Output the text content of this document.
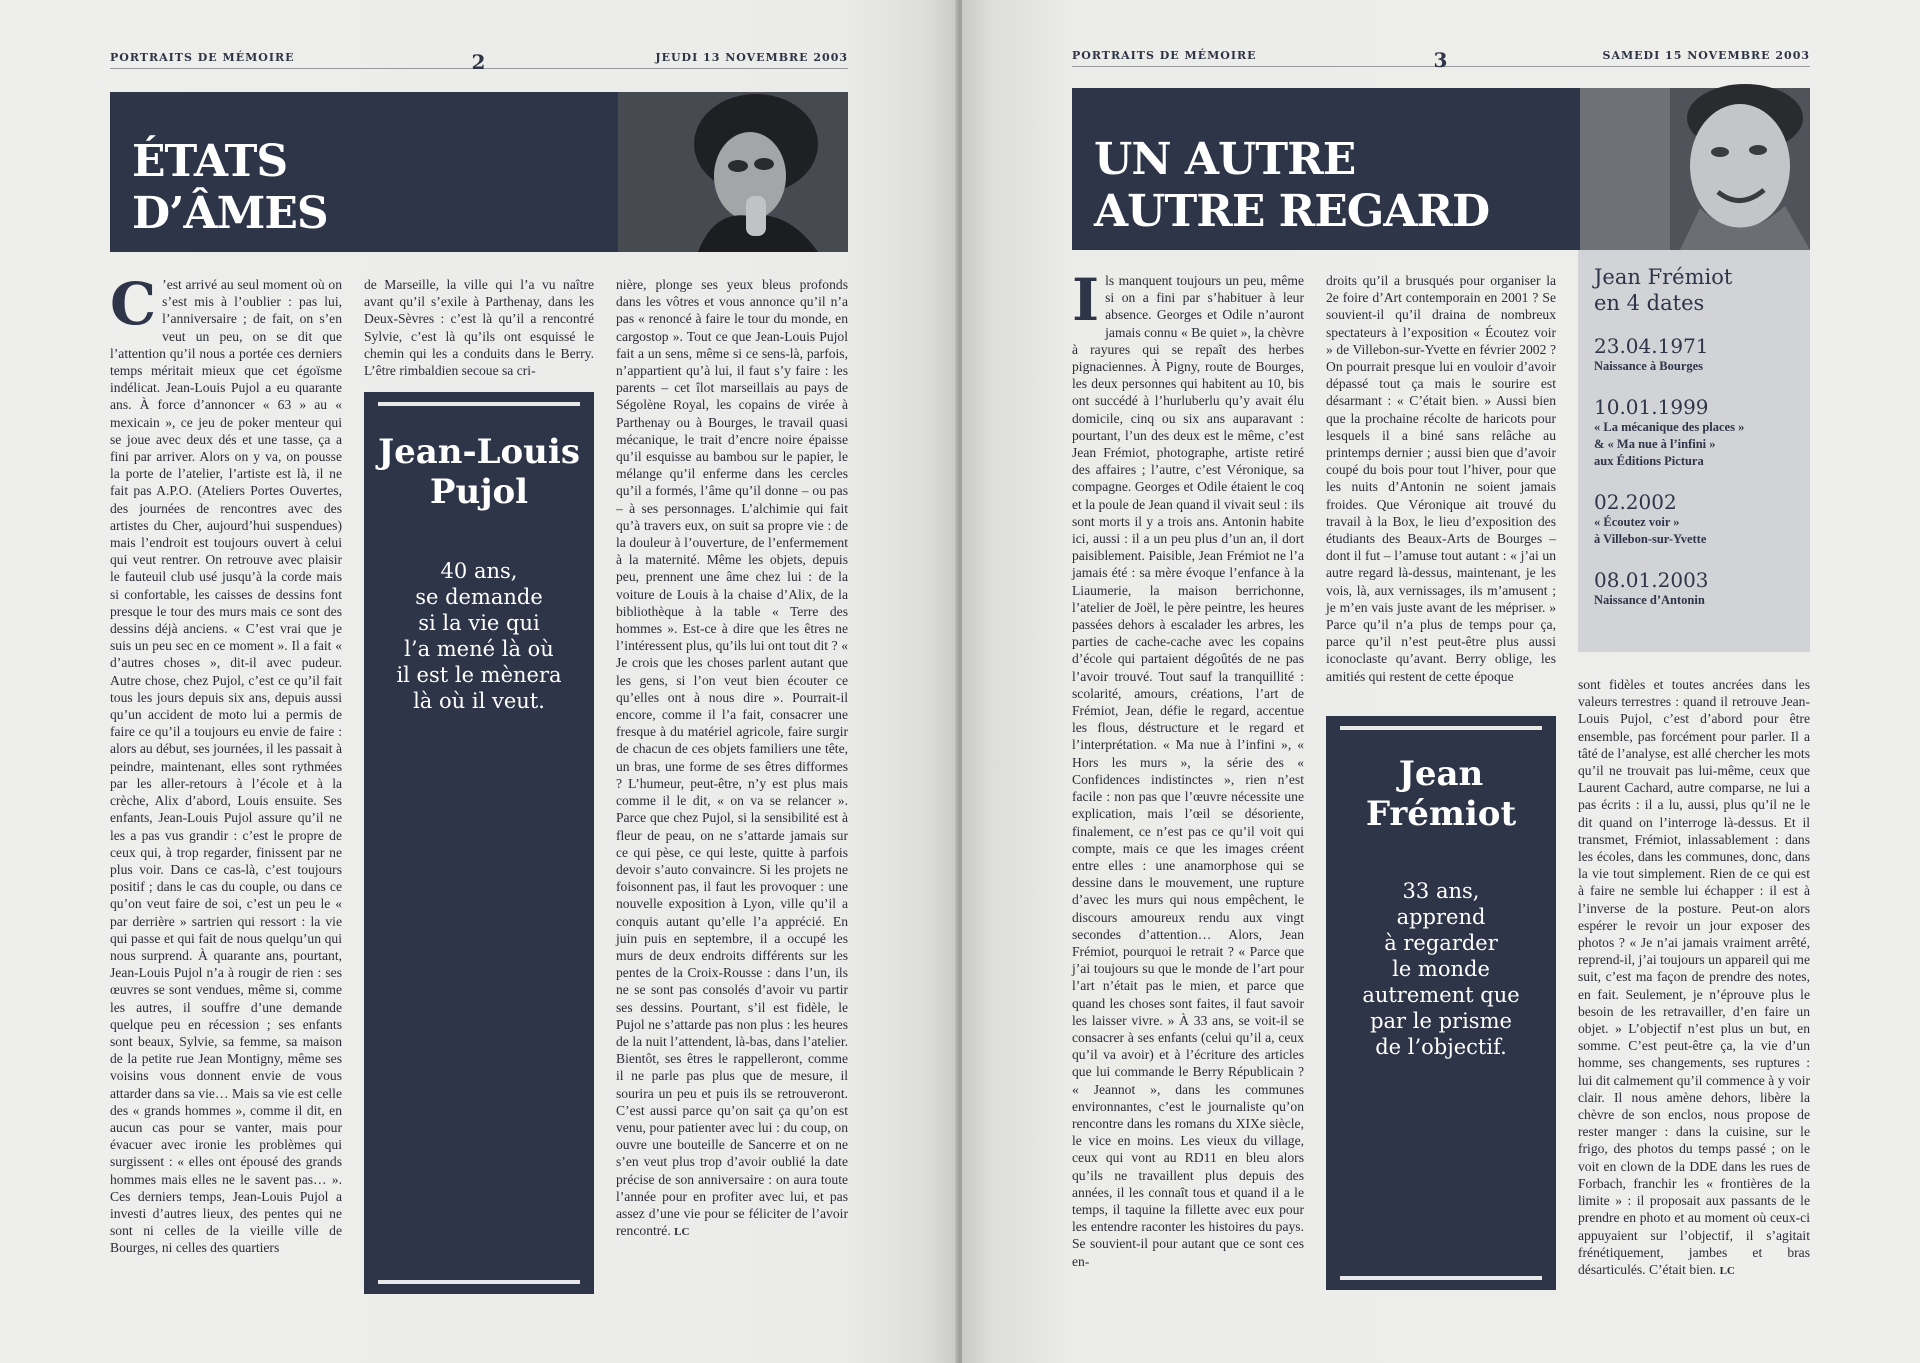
PORTRAITS DE MÉMOIRE	2	JEUDI 13 NOVEMBRE 2003
ÉTATS
D’ÂMES

C ’est arrivé au seul moment où on s’est mis à l’oublier : pas lui, l’anniversaire ; de fait, on s’en veut un peu, on se dit que l’attention qu’il nous a portée ces derniers temps méritait mieux que cet égoïsme indélicat. Jean-Louis Pujol a eu quarante ans. À force d’annoncer « 63 » au « mexicain », ce jeu de poker menteur qui se joue avec deux dés et une tasse, ça a fini par arriver. Alors on y va, on pousse la porte de l’atelier, l’artiste est là, il ne fait pas A.P.O. (Ateliers Portes Ouvertes, des journées de rencontres avec des artistes du Cher, aujourd’hui suspendues) mais l’endroit est toujours ouvert à celui qui veut rentrer. On retrouve avec plaisir le fauteuil club usé jusqu’à la corde mais si confortable, les caisses de dessins font presque le tour des murs mais ce sont des dessins déjà anciens. « C’est vrai que je suis un peu sec en ce moment ». Il a fait « d’autres choses », dit-il avec pudeur. Autre chose, chez Pujol, c’est ce qu’il fait tous les jours depuis six ans, depuis aussi qu’un accident de moto lui a permis de faire ce qu’il a toujours eu envie de faire : alors au début, ses journées, il les passait à peindre, maintenant, elles sont rythmées par les aller-retours à l’école et à la crèche, Alix d’abord, Louis ensuite. Ses enfants, Jean-Louis Pujol assure qu’il ne les a pas vus grandir : c’est le propre de ceux qui, à trop regarder, finissent par ne plus voir. Dans ce cas-là, c’est toujours positif ; dans le cas du couple, ou dans ce qu’on veut faire de soi, c’est un peu le « par derrière » sartrien qui ressort : la vie qui passe et qui fait de nous quelqu’un qui nous surprend. À quarante ans, pourtant, Jean-Louis Pujol n’a à rougir de rien : ses œuvres se sont vendues, même si, comme les autres, il souffre d’une demande quelque peu en récession ; ses enfants sont beaux, Sylvie, sa femme, sa maison de la petite rue Jean Montigny, même ses voisins vous donnent envie de vous attarder dans sa vie… Mais sa vie est celle des « grands hommes », comme il dit, en aucun cas pour se vanter, mais pour évacuer avec ironie les problèmes qui surgissent : « elles ont épousé des grands hommes mais elles ne le savent pas… ». Ces derniers temps, Jean-Louis Pujol a investi d’autres lieux, des pentes qui ne sont ni celles de la vieille ville de Bourges, ni celles des quartiers

de Marseille, la ville qui l’a vu naître avant qu’il s’exile à Parthenay, dans les Deux-Sèvres : c’est là qu’il a rencontré Sylvie, c’est là qu’ils ont esquissé le chemin qui les a conduits dans le Berry. L’être rimbaldien secoue sa cri-

Jean-Louis
Pujol
40 ans,
se demande
si la vie qui
l’a mené là où
il est le mènera
là où il veut.

nière, plonge ses yeux bleus profonds dans les vôtres et vous annonce qu’il n’a pas « renoncé à faire le tour du monde, en cargostop ». Tout ce que Jean-Louis Pujol fait a un sens, même si ce sens-là, parfois, n’appartient qu’à lui, il faut s’y faire : les parents – cet îlot marseillais au pays de Ségolène Royal, les copains de virée à Parthenay ou à Bourges, le travail quasi mécanique, le trait d’encre noire épaisse qu’il esquisse au bambou sur le papier, le mélange qu’il enferme dans les cercles qu’il a formés, l’âme qu’il donne – ou pas – à ses personnages. L’alchimie qui fait qu’à travers eux, on suit sa propre vie : de la douleur à l’ouverture, de l’enfermement à la maternité. Même les objets, depuis peu, prennent une âme chez lui : de la voiture de Louis à la chaise d’Alix, de la bibliothèque à la table « Terre des hommes ». Est-ce à dire que les êtres ne l’intéressent plus, qu’ils lui ont tout dit ? « Je crois que les choses parlent autant que les gens, si l’on veut bien écouter ce qu’elles ont à nous dire ». Pourrait-il encore, comme il l’a fait, consacrer une fresque à du matériel agricole, faire surgir de chacun de ces objets familiers une tête, un bras, une forme de ses êtres difformes ? L’humeur, peut-être, n’y est plus mais comme il le dit, « on va se relancer ». Parce que chez Pujol, si la sensibilité est à fleur de peau, on ne s’attarde jamais sur ce qui pèse, ce qui leste, quitte à parfois devoir s’auto convaincre. Si les projets ne foisonnent pas, il faut les provoquer : une nouvelle exposition à Lyon, ville qu’il a conquis autant qu’elle l’a apprécié. En juin puis en septembre, il a occupé les murs de deux endroits différents sur les pentes de la Croix-Rousse : dans l’un, ils ne se sont pas consolés d’avoir vu partir ses dessins. Pourtant, s’il est fidèle, le Pujol ne s’attarde pas non plus : les heures de la nuit l’attendent, là-bas, dans l’atelier. Bientôt, ses êtres le rappelleront, comme il ne parle pas plus que de mesure, il sourira un peu et puis ils se retrouveront. C’est aussi parce qu’on sait ça qu’on est venu, pour patienter avec lui : du coup, on ouvre une bouteille de Sancerre et on ne s’en veut plus trop d’avoir oublié la date précise de son anniversaire : on aura toute l’année pour en profiter avec lui, et pas assez d’une vie pour se féliciter de l’avoir rencontré. LC

PORTRAITS DE MÉMOIRE	3	SAMEDI 15 NOVEMBRE 2003
UN AUTRE
AUTRE REGARD

Ils manquent toujours un peu, même si on a fini par s’habituer à leur absence. Georges et Odile n’auront jamais connu « Be quiet », la chèvre à rayures qui se repaît des herbes pignaciennes. À Pigny, route de Bourges, les deux personnes qui habitent au 10, bis ont succédé à l’hurluberlu qu’y avait élu domicile, cinq ou six ans auparavant : pourtant, l’un des deux est le même, c’est Jean Frémiot, photographe, artiste retiré des affaires ; l’autre, c’est Véronique, sa compagne. Georges et Odile étaient le coq et la poule de Jean quand il vivait seul : ils sont morts il y a trois ans. Antonin habite ici, aussi : il a un peu plus d’un an, il dort paisiblement. Paisible, Jean Frémiot ne l’a jamais été : sa mère évoque l’enfance à la Liaumerie, la maison berrichonne, l’atelier de Joël, le père peintre, les heures passées dehors à escalader les arbres, les parties de cache-cache avec les copains d’école qui partaient dégoûtés de ne pas l’avoir trouvé. Tout sauf la tranquillité : scolarité, amours, créations, l’art de Frémiot, Jean, défie le regard, accentue les flous, déstructure et le regard et l’interprétation. « Ma nue à l’infini », « Hors les murs », la série des « Confidences indistinctes », rien n’est facile : non pas que l’œuvre nécessite une explication, mais l’œil se désoriente, finalement, ce n’est pas ce qu’il voit qui compte, mais ce que les images créent entre elles : une anamorphose qui se dessine dans le mouvement, une rupture d’avec les murs qui nous empêchent, le discours amoureux rendu aux vingt secondes d’attention… Alors, Jean Frémiot, pourquoi le retrait ? « Parce que j’ai toujours su que le monde de l’art pour l’art n’était pas le mien, et parce que quand les choses sont faites, il faut savoir les laisser vivre. » À 33 ans, se voit-il se consacrer à ses enfants (celui qu’il a, ceux qu’il va avoir) et à l’écriture des articles que lui commande le Berry Républicain ? « Jeannot », dans les communes environnantes, c’est le journaliste qu’on rencontre dans les romans du XIXe siècle, le vice en moins. Les vieux du village, ceux qui vont au RD11 en bleu alors qu’ils ne travaillent plus depuis des années, il les connaît tous et quand il a le temps, il taquine la fillette avec eux pour les entendre raconter les histoires du pays. Se souvient-il pour autant que ce sont ces en-

droits qu’il a brusqués pour organiser la 2e foire d’Art contemporain en 2001 ? Se souvient-il qu’il draina de nombreux spectateurs à l’exposition « Écoutez voir » de Villebon-sur-Yvette en février 2002 ? On pourrait presque lui en vouloir d’avoir dépassé tout ça mais le sourire est désarmant : « C’était bien. » Aussi bien que la prochaine récolte de haricots pour lesquels il a biné sans relâche au printemps dernier ; aussi bien que d’avoir coupé du bois pour tout l’hiver, pour que les nuits d’Antonin ne soient jamais froides. Que Véronique ait trouvé du travail à la Box, le lieu d’exposition des étudiants des Beaux-Arts de Bourges – dont il fut – l’amuse tout autant : « j’ai un autre regard là-dessus, maintenant, je les vois, là, aux vernissages, ils m’amusent ; je m’en vais juste avant de les mépriser. » Parce qu’il n’a plus de temps pour ça, parce qu’il n’est peut-être plus aussi iconoclaste qu’avant. Berry oblige, les amitiés qui restent de cette époque

Jean
Frémiot
33 ans,
apprend
à regarder
le monde
autrement que
par le prisme
de l’objectif.
Jean Frémiot
en 4 dates
23.04.1971
Naissance à Bourges
10.01.1999
« La mécanique des places »
& « Ma nue à l’infini »
aux Éditions Pictura
02.2002
« Écoutez voir »
à Villebon-sur-Yvette
08.01.2003
Naissance d’Antonin

sont fidèles et toutes ancrées dans les valeurs terrestres : quand il retrouve Jean-Louis Pujol, c’est d’abord pour être ensemble, pas forcément pour parler. Il a tâté de l’analyse, est allé chercher les mots qu’il ne trouvait pas lui-même, ceux que Laurent Cachard, autre comparse, ne lui a pas écrits : il a lu, aussi, plus qu’il ne le dit quand on l’interroge là-dessus. Et il transmet, Frémiot, inlassablement : dans les écoles, dans les communes, donc, dans la vie tout simplement. Rien de ce qui est à faire ne semble lui échapper : il est à l’inverse de la posture. Peut-on alors espérer le revoir un jour exposer des photos ? « Je n’ai jamais vraiment arrêté, reprend-il, j’ai toujours un appareil qui me suit, c’est ma façon de prendre des notes, en fait. Seulement, je n’éprouve plus le besoin de les retravailler, d’en faire un objet. » L’objectif n’est plus un but, en somme. C’est peut-être ça, la vie d’un homme, ses changements, ses ruptures : lui dit calmement qu’il commence à y voir clair. Il nous amène dehors, libère la chèvre de son enclos, nous propose de rester manger : dans la cuisine, sur le frigo, des photos du temps passé ; on le voit en clown de la DDE dans les rues de Forbach, franchir les « frontières de la limite » : il proposait aux passants de le prendre en photo et au moment où ceux-ci appuyaient sur l’objectif, il s’agitait frénétiquement, jambes et bras désarticulés. C’était bien. LC
